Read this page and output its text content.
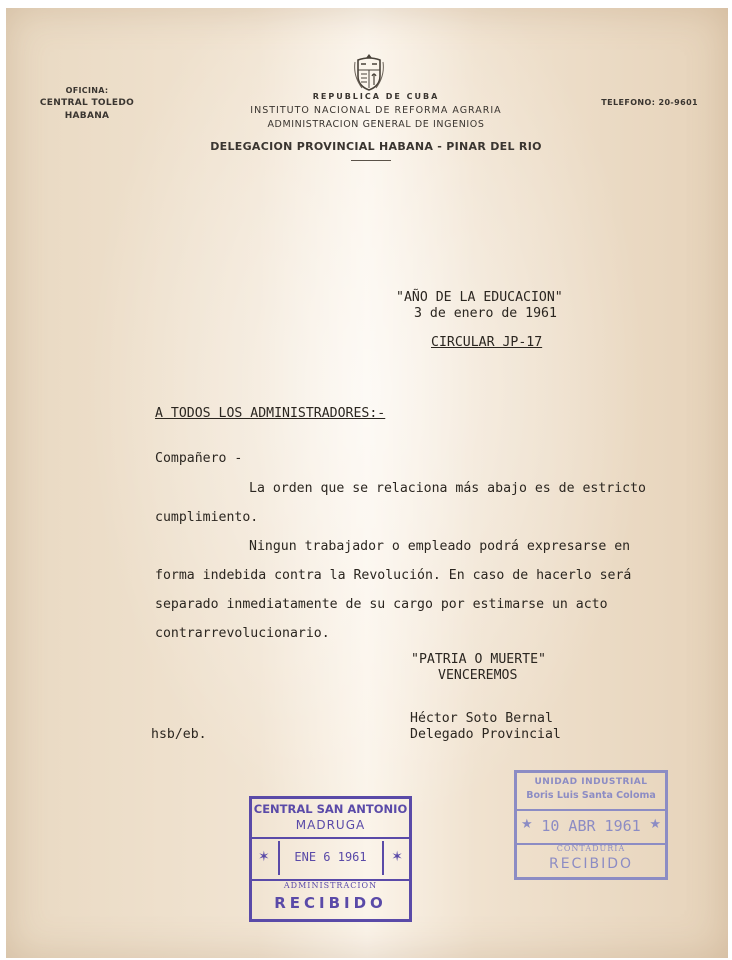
OFICINA:
CENTRAL TOLEDO
HABANA
TELEFONO: 20-9601
REPUBLICA DE CUBA
INSTITUTO NACIONAL DE REFORMA AGRARIA
ADMINISTRACION GENERAL DE INGENIOS
DELEGACION PROVINCIAL HABANA - PINAR DEL RIO
"AÑO DE LA EDUCACION"
3 de enero de 1961
CIRCULAR JP-17
A TODOS LOS ADMINISTRADORES:-
Compañero -
La orden que se relaciona más abajo es de estricto
cumplimiento.
Ningun trabajador o empleado podrá expresarse en
forma indebida contra la Revolución. En caso de hacerlo será
separado inmediatamente de su cargo por estimarse un acto
contrarrevolucionario.
"PATRIA O MUERTE"
VENCEREMOS
Héctor Soto Bernal
Delegado Provincial
hsb/eb.
CENTRAL SAN ANTONIO
MADRUGA
✶	✶
ENE 6 1961
ADMINISTRACION
RECIBIDO
UNIDAD INDUSTRIAL
Boris Luis Santa Coloma
★	★
10 ABR 1961
CONTADURIA
RECIBIDO
